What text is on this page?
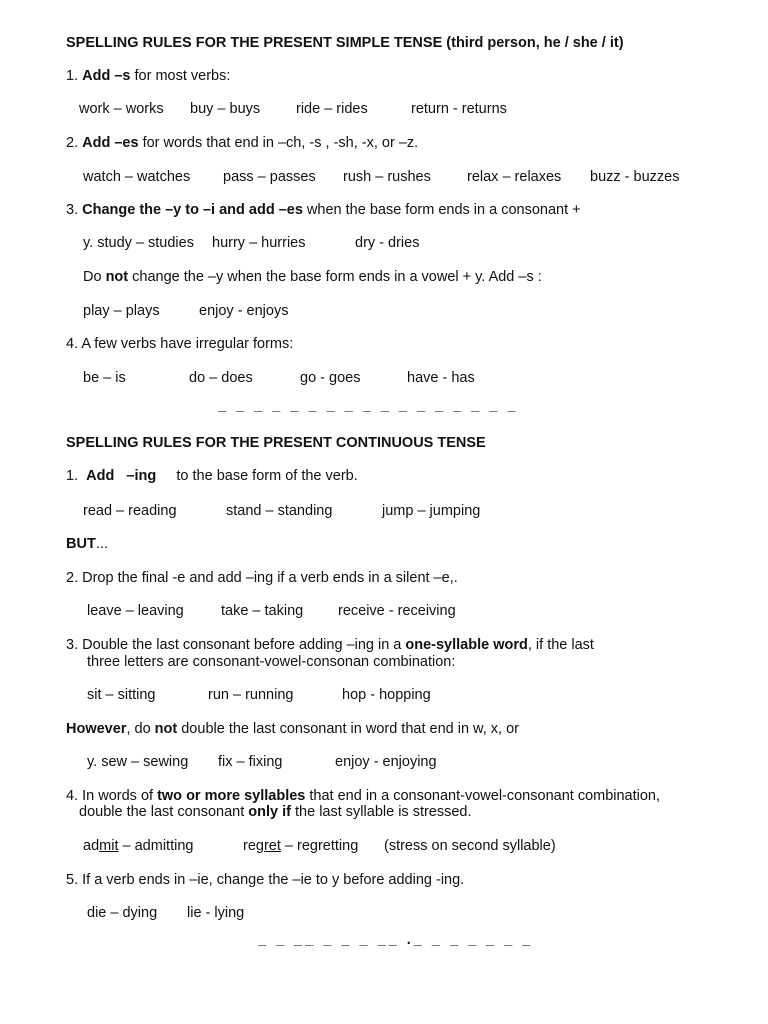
SPELLING RULES FOR THE PRESENT SIMPLE TENSE (third person, he / she / it)
1. Add –s for most verbs:
work – works buy – buys ride – rides	return - returns
2. Add –es for words that end in –ch, -s , -sh, -x, or –z.
watch – watches pass – passes rush – rushes relax – relaxes buzz - buzzes
3. Change the –y to –i and add –es when the base form ends in a consonant +
y. study – studies hurry – hurries	dry - dries
Do not change the –y when the base form ends in a vowel + y. Add –s :
play – plays	enjoy - enjoys
4. A few verbs have irregular forms:
be – is	do – does	go - goes	have - has
_ _ _ _ _ _ _ _ _ _ _ _ _ _ _ _ _
SPELLING RULES FOR THE PRESENT CONTINUOUS TENSE
1.  Add   –ing     to the base form of the verb.
read – reading	stand – standing	jump – jumping
BUT...
2. Drop the final -e and add –ing if a verb ends in a silent –e,.
leave – leaving	take – taking receive - receiving
3. Double the last consonant before adding –ing in a one-syllable word, if the last
three letters are consonant-vowel-consonan combination:
sit – sitting	run – running	hop - hopping
However, do not double the last consonant in word that end in w, x, or
y. sew – sewing fix – fixing	enjoy - enjoying
4. In words of two or more syllables that end in a consonant-vowel-consonant combination,
double the last consonant only if the last syllable is stressed.
admit – admitting	regret – regretting (stress on second syllable)
5. If a verb ends in –ie, change the –ie to y before adding -ing.
die – dying lie - lying
_ _ __ _ _ _ __ ._ _ _ _ _ _ _
